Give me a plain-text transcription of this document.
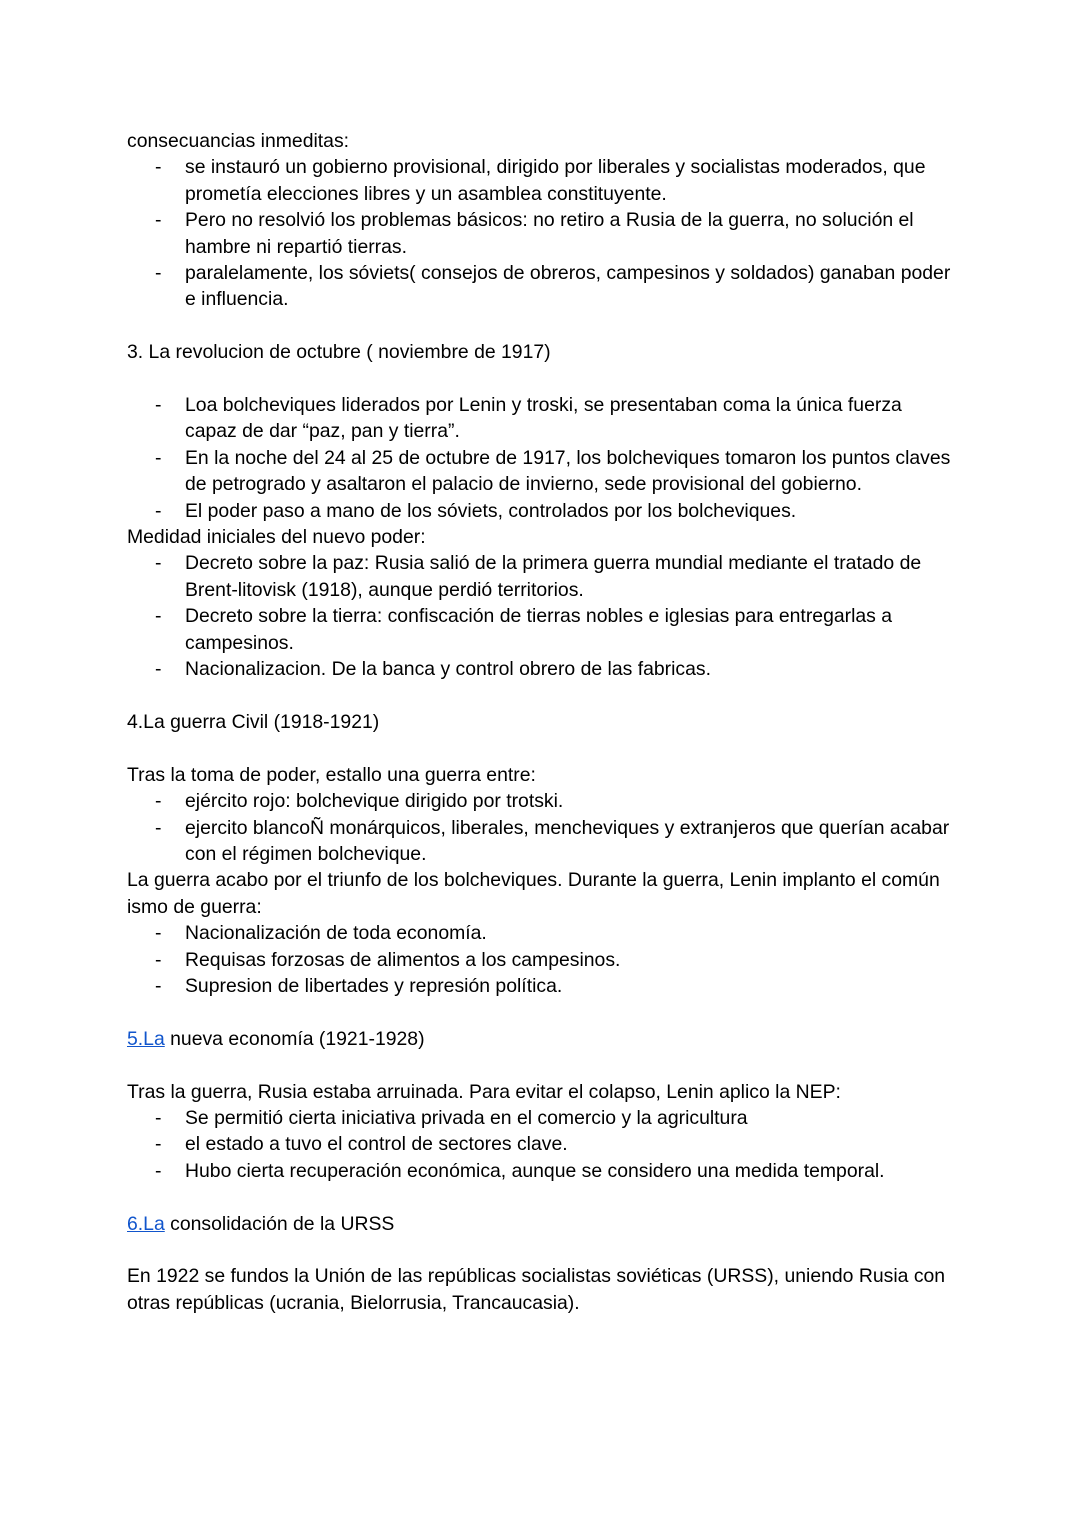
consecuancias inmeditas:

- se instauró un gobierno provisional, dirigido por liberales y socialistas moderados, que prometía elecciones libres y un asamblea constituyente.
- Pero no resolvió los problemas básicos: no retiro a Rusia de la guerra, no solución el hambre ni repartió tierras.
- paralelamente, los sóviets( consejos de obreros, campesinos y soldados) ganaban poder e influencia.

3. La revolucion de octubre ( noviembre de 1917)

- Loa bolcheviques liderados por Lenin y troski, se presentaban coma la única fuerza capaz de dar “paz, pan y tierra”.
- En la noche del 24 al 25 de octubre de 1917, los bolcheviques tomaron los puntos claves de petrogrado y asaltaron el palacio de invierno, sede provisional del gobierno.
- El poder paso a mano de los sóviets, controlados por los bolcheviques.

Medidad iniciales del nuevo poder:

- Decreto sobre la paz: Rusia salió de la primera guerra mundial mediante el tratado de Brent-litovisk (1918), aunque perdió territorios.
- Decreto sobre la tierra: confiscación de tierras nobles e iglesias para entregarlas a campesinos.
- Nacionalizacion. De la banca y control obrero de las fabricas.

4.La guerra Civil (1918-1921)

Tras la toma de poder, estallo una guerra entre:

- ejército rojo: bolchevique dirigido por trotski.
- ejercito blancoÑ monárquicos, liberales, mencheviques y extranjeros que querían acabar con el régimen bolchevique.

La guerra acabo por el triunfo de los bolcheviques. Durante la guerra, Lenin implanto el común ismo de guerra:

- Nacionalización de toda economía.
- Requisas forzosas de alimentos a los campesinos.
- Supresion de libertades y represión política.

5.La nueva economía (1921-1928)

Tras la guerra, Rusia estaba arruinada. Para evitar el colapso, Lenin aplico la NEP:

- Se permitió cierta iniciativa privada en el comercio y la agricultura
- el estado a tuvo el control de sectores clave.
- Hubo cierta recuperación económica, aunque se considero una medida temporal.

6.La consolidación de la URSS

En 1922 se fundos la Unión de las repúblicas socialistas soviéticas (URSS), uniendo Rusia con otras repúblicas (ucrania, Bielorrusia, Trancaucasia).
